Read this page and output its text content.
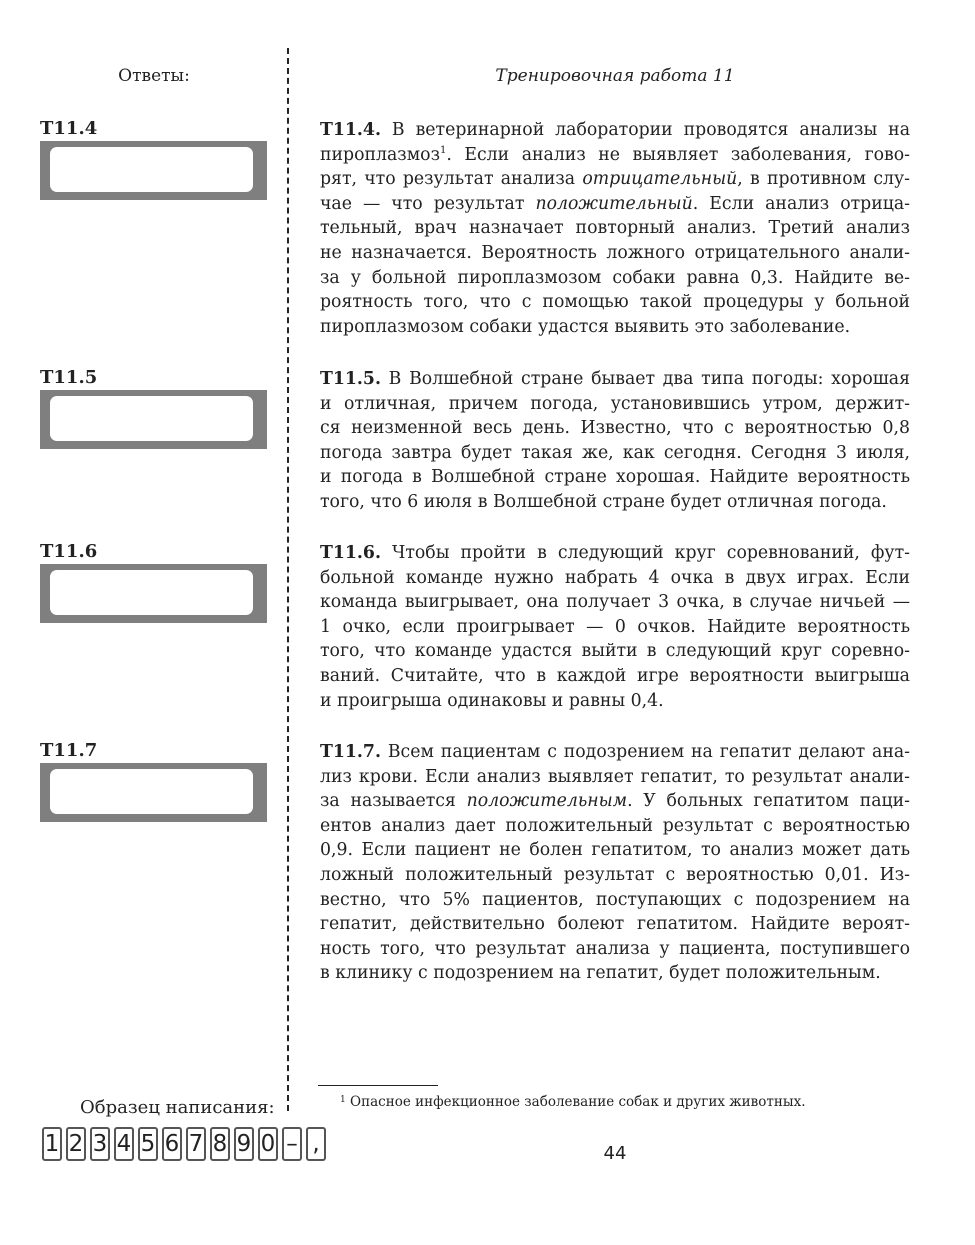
Ответы:	Тренировочная работа 11
T11.4
T11.5
T11.6
T11.7
T11.4. В ветеринарной лаборатории проводятся анализы на
пироплазмоз$^1$. Если анализ не выявляет заболевания, гово-
рят, что результат анализа отрицательный, в противном слу-
чае — что результат положительный. Если анализ отрица-
тельный, врач назначает повторный анализ. Третий анализ
не назначается. Вероятность ложного отрицательного анали-
за у больной пироплазмозом собаки равна 0,3. Найдите ве-
роятность того, что с помощью такой процедуры у больной
пироплазмозом собаки удастся выявить это заболевание.
T11.5. В Волшебной стране бывает два типа погоды: хорошая
и отличная, причем погода, установившись утром, держит-
ся неизменной весь день. Известно, что с вероятностью 0,8
погода завтра будет такая же, как сегодня. Сегодня 3 июля,
и погода в Волшебной стране хорошая. Найдите вероятность
того, что 6 июля в Волшебной стране будет отличная погода.
T11.6. Чтобы пройти в следующий круг соревнований, фут-
больной команде нужно набрать 4 очка в двух играх. Если
команда выигрывает, она получает 3 очка, в случае ничьей —
1 очко, если проигрывает — 0 очков. Найдите вероятность
того, что команде удастся выйти в следующий круг соревно-
ваний. Считайте, что в каждой игре вероятности выигрыша
и проигрыша одинаковы и равны 0,4.
T11.7. Всем пациентам с подозрением на гепатит делают ана-
лиз крови. Если анализ выявляет гепатит, то результат анали-
за называется положительным. У больных гепатитом паци-
ентов анализ дает положительный результат с вероятностью
0,9. Если пациент не болен гепатитом, то анализ может дать
ложный положительный результат с вероятностью 0,01. Из-
вестно, что 5% пациентов, поступающих с подозрением на
гепатит, действительно болеют гепатитом. Найдите вероят-
ность того, что результат анализа у пациента, поступившего
в клинику с подозрением на гепатит, будет положительным.
$^1$ Опасное инфекционное заболевание собак и других животных.
Образец написания:
1 2 3 4 5 6 7 8 9 0 – ,	44
